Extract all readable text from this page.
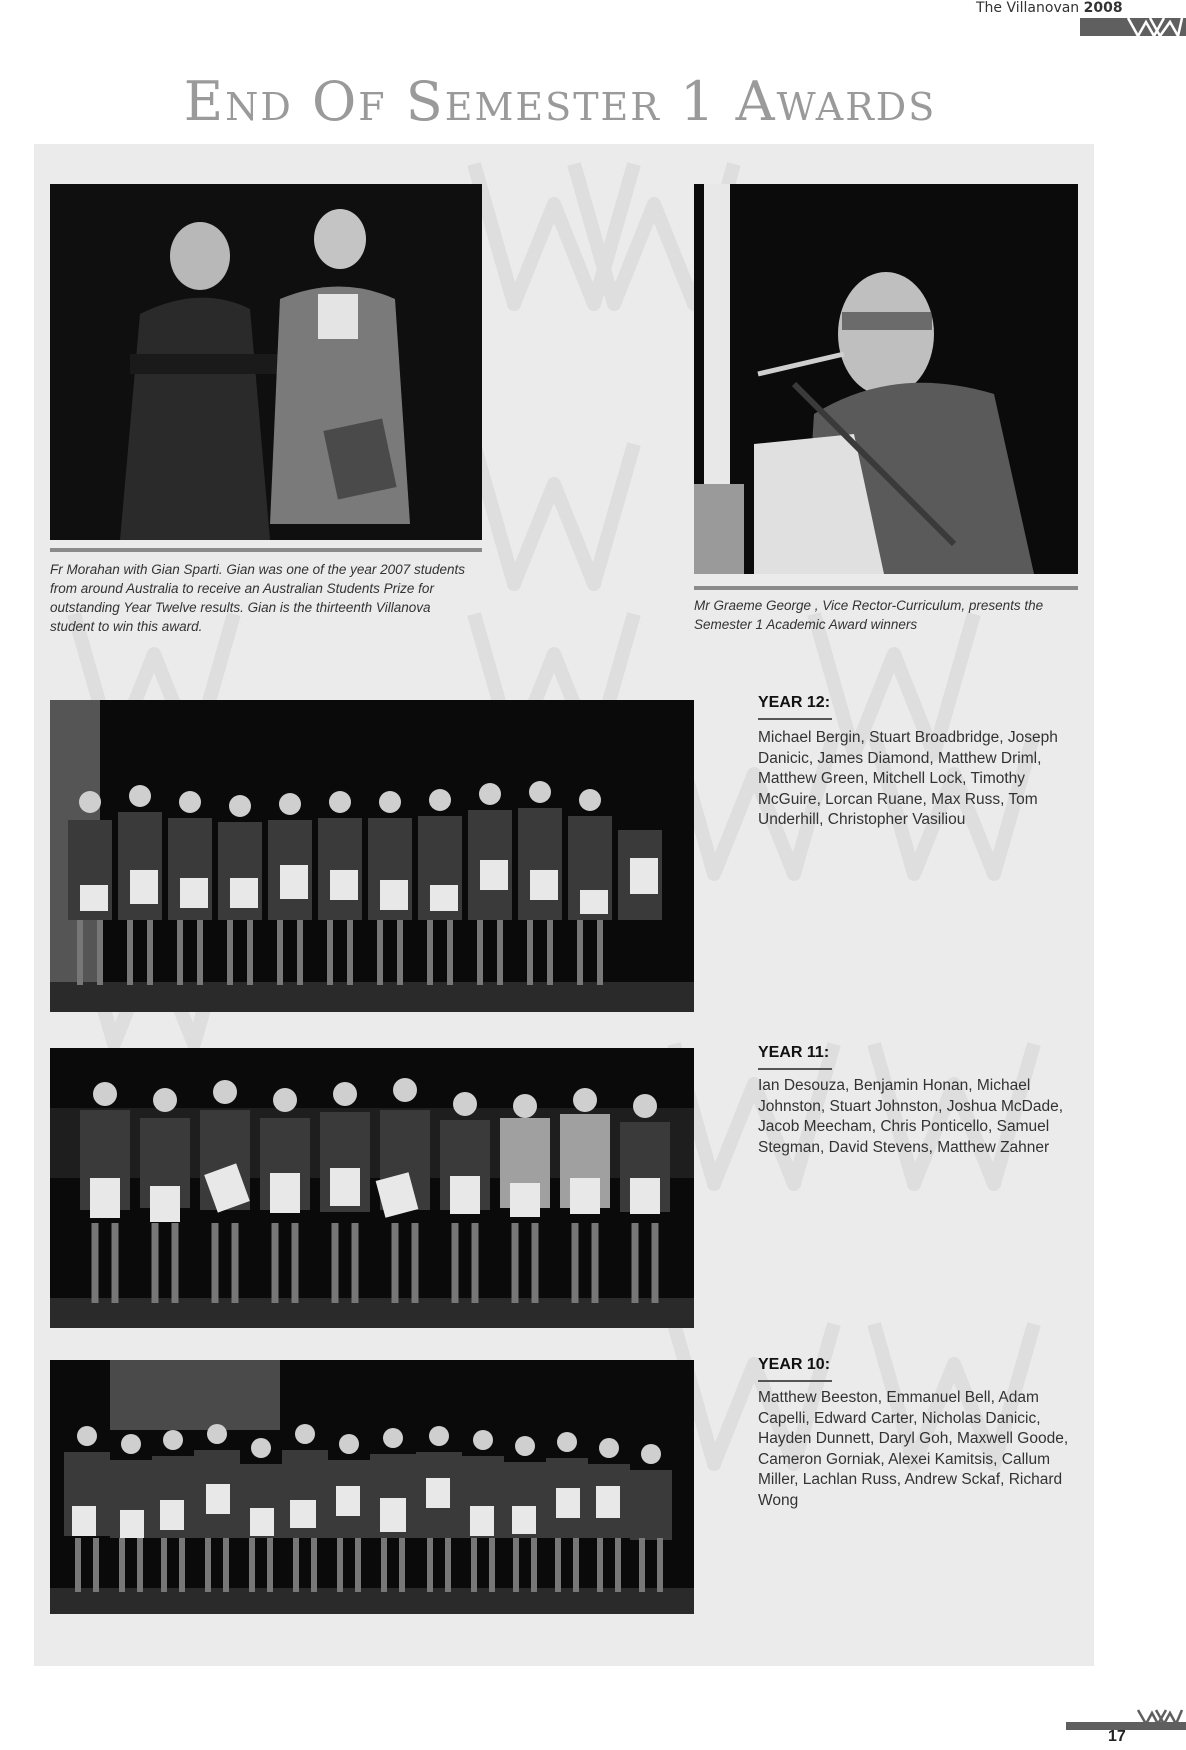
The Villanovan 2008
End Of Semester 1 Awards

Fr Morahan with Gian Sparti. Gian was one of the year 2007 students from around Australia to receive an Australian Students Prize for outstanding Year Twelve results. Gian is the thirteenth Villanova student to win this award.

Mr Graeme George , Vice Rector-Curriculum, presents the Semester 1 Academic Award winners

YEAR 12:

Michael Bergin, Stuart Broadbridge, Joseph Danicic, James Diamond, Matthew Driml, Matthew Green, Mitchell Lock, Timothy McGuire, Lorcan Ruane, Max Russ, Tom Underhill, Christopher Vasiliou

YEAR 11:

Ian Desouza, Benjamin Honan, Michael Johnston, Stuart Johnston, Joshua McDade, Jacob Meecham, Chris Ponticello, Samuel Stegman, David Stevens, Matthew Zahner

YEAR 10:

Matthew Beeston, Emmanuel Bell, Adam Capelli, Edward Carter, Nicholas Danicic, Hayden Dunnett, Daryl Goh, Maxwell Goode, Cameron Gorniak, Alexei Kamitsis, Callum Miller, Lachlan Russ, Andrew Sckaf, Richard Wong

17
